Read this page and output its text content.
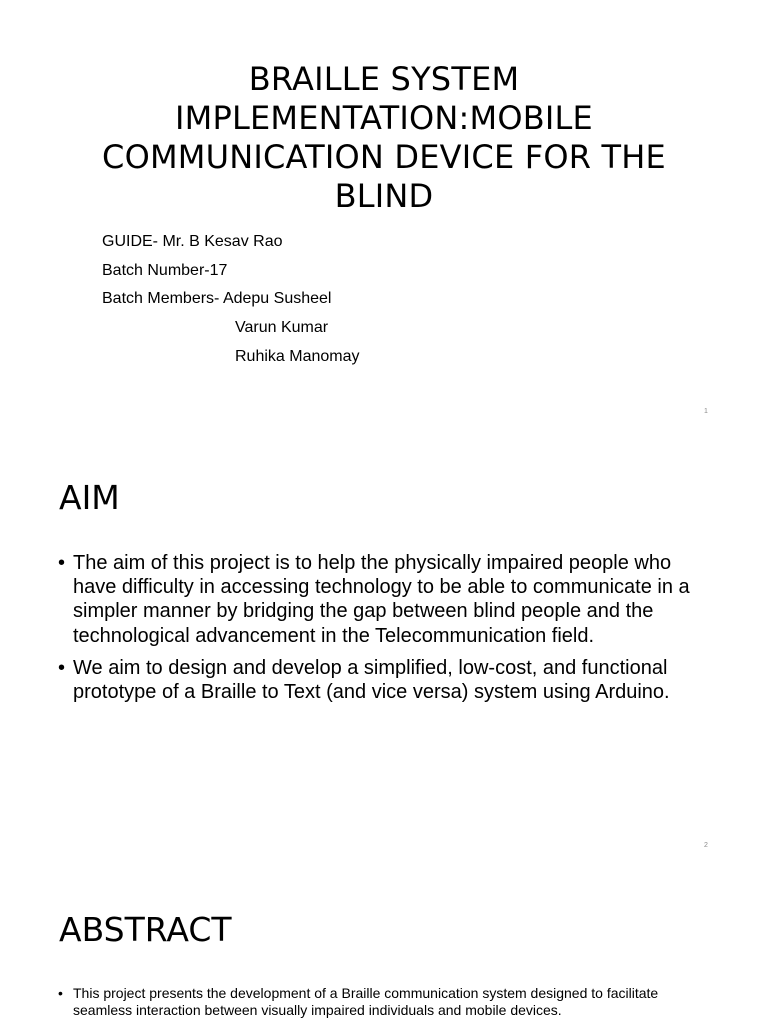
BRAILLE SYSTEM IMPLEMENTATION:MOBILE COMMUNICATION DEVICE FOR THE BLIND
GUIDE- Mr. B Kesav Rao
Batch Number-17
Batch Members- Adepu Susheel
Varun Kumar
Ruhika Manomay
1
AIM
• The aim of this project is to help the physically impaired people who have difficulty in accessing technology to be able to communicate in a simpler manner by bridging the gap between blind people and the technological advancement in the Telecommunication field.
• We aim to design and develop a simplified, low-cost, and functional prototype of a Braille to Text (and vice versa) system using Arduino.
2
ABSTRACT
• This project presents the development of a Braille communication system designed to facilitate seamless interaction between visually impaired individuals and mobile devices.
